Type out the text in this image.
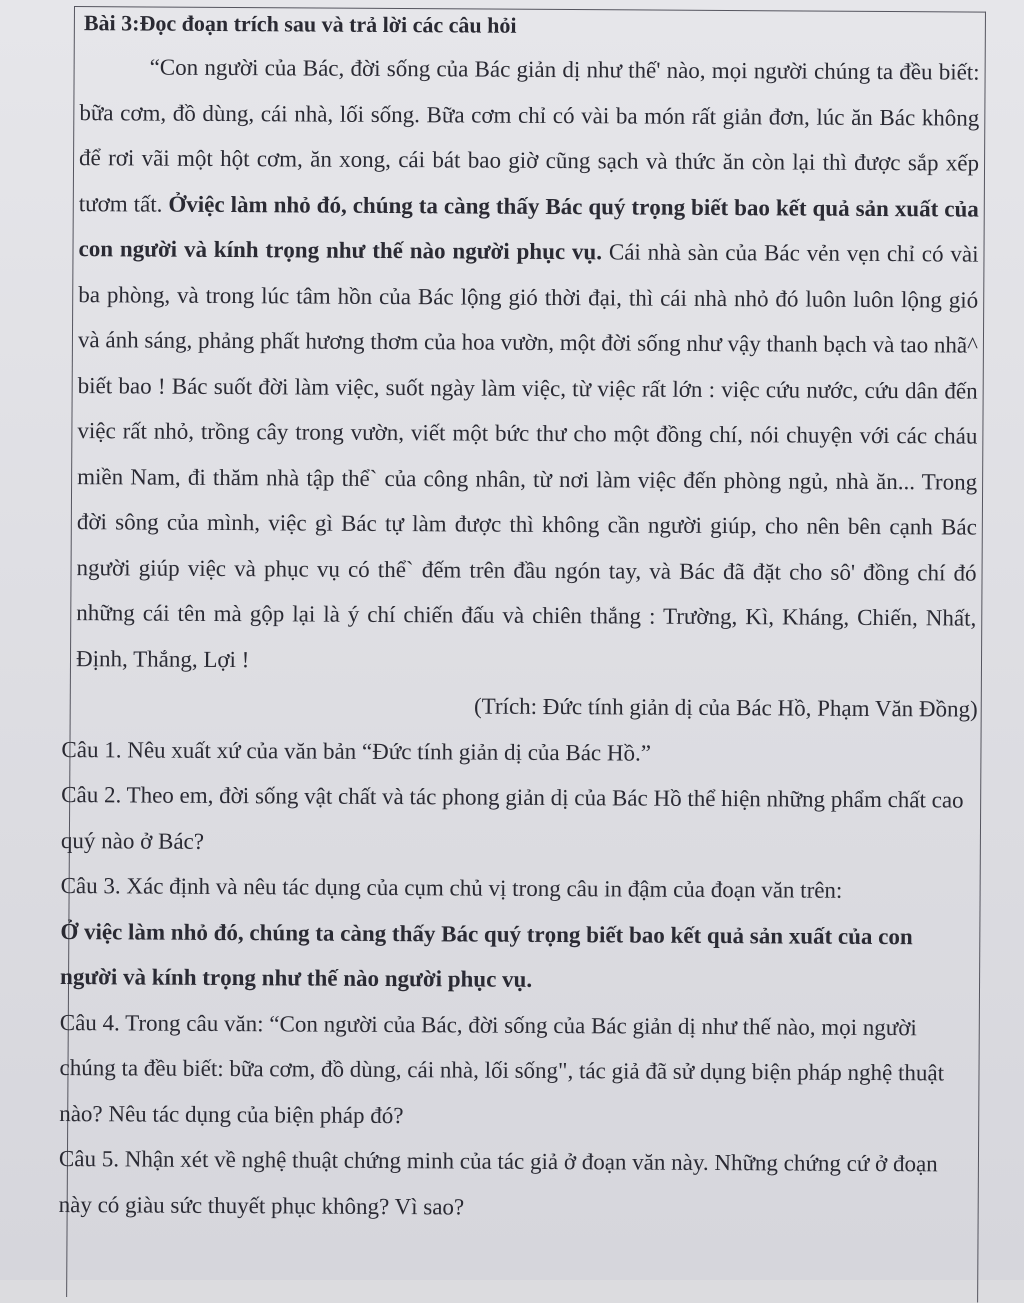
Bài 3:Đọc đoạn trích sau và trả lời các câu hỏi
“Con người của Bác, đời sống của Bác giản dị như thế' nào, mọi người chúng ta đều biết: bữa cơm, đồ dùng, cái nhà, lối sống. Bữa cơm chỉ có vài ba món rất giản đơn, lúc ăn Bác không để rơi vãi một hột cơm, ăn xong, cái bát bao giờ cũng sạch và thức ăn còn lại thì được sắp xếp tươm tất. Ởviệc làm nhỏ đó, chúng ta càng thấy Bác quý trọng biết bao kết quả sản xuất của con người và kính trọng như thế nào người phục vụ. Cái nhà sàn của Bác vẻn vẹn chỉ có vài ba phòng, và trong lúc tâm hồn của Bác lộng gió thời đại, thì cái nhà nhỏ đó luôn luôn lộng gió và ánh sáng, phảng phất hương thơm của hoa vườn, một đời sống như vậy thanh bạch và tao nhã^ biết bao ! Bác suốt đời làm việc, suốt ngày làm việc, từ việc rất lớn : việc cứu nước, cứu dân đến việc rất nhỏ, trồng cây trong vườn, viết một bức thư cho một đồng chí, nói chuyện với các cháu miền Nam, đi thăm nhà tập thể` của công nhân, từ nơi làm việc đến phòng ngủ, nhà ăn... Trong đời sông của mình, việc gì Bác tự làm được thì không cần người giúp, cho nên bên cạnh Bác người giúp việc và phục vụ có thể` đếm trên đầu ngón tay, và Bác đã đặt cho sô' đồng chí đó những cái tên mà gộp lại là ý chí chiến đấu và chiên thắng : Trường, Kì, Kháng, Chiến, Nhất, Định, Thắng, Lợi !
(Trích: Đức tính giản dị của Bác Hồ, Phạm Văn Đồng)

Câu 1. Nêu xuất xứ của văn bản “Đức tính giản dị của Bác Hồ.”

Câu 2. Theo em, đời sống vật chất và tác phong giản dị của Bác Hồ thể hiện những phẩm chất cao quý nào ở Bác?

Câu 3. Xác định và nêu tác dụng của cụm chủ vị trong câu in đậm của đoạn văn trên:

Ở việc làm nhỏ đó, chúng ta càng thấy Bác quý trọng biết bao kết quả sản xuất của con người và kính trọng như thế nào người phục vụ.

Câu 4. Trong câu văn: “Con người của Bác, đời sống của Bác giản dị như thế nào, mọi người chúng ta đều biết: bữa cơm, đồ dùng, cái nhà, lối sống", tác giả đã sử dụng biện pháp nghệ thuật nào? Nêu tác dụng của biện pháp đó?

Câu 5. Nhận xét về nghệ thuật chứng minh của tác giả ở đoạn văn này. Những chứng cứ ở đoạn này có giàu sức thuyết phục không? Vì sao?
